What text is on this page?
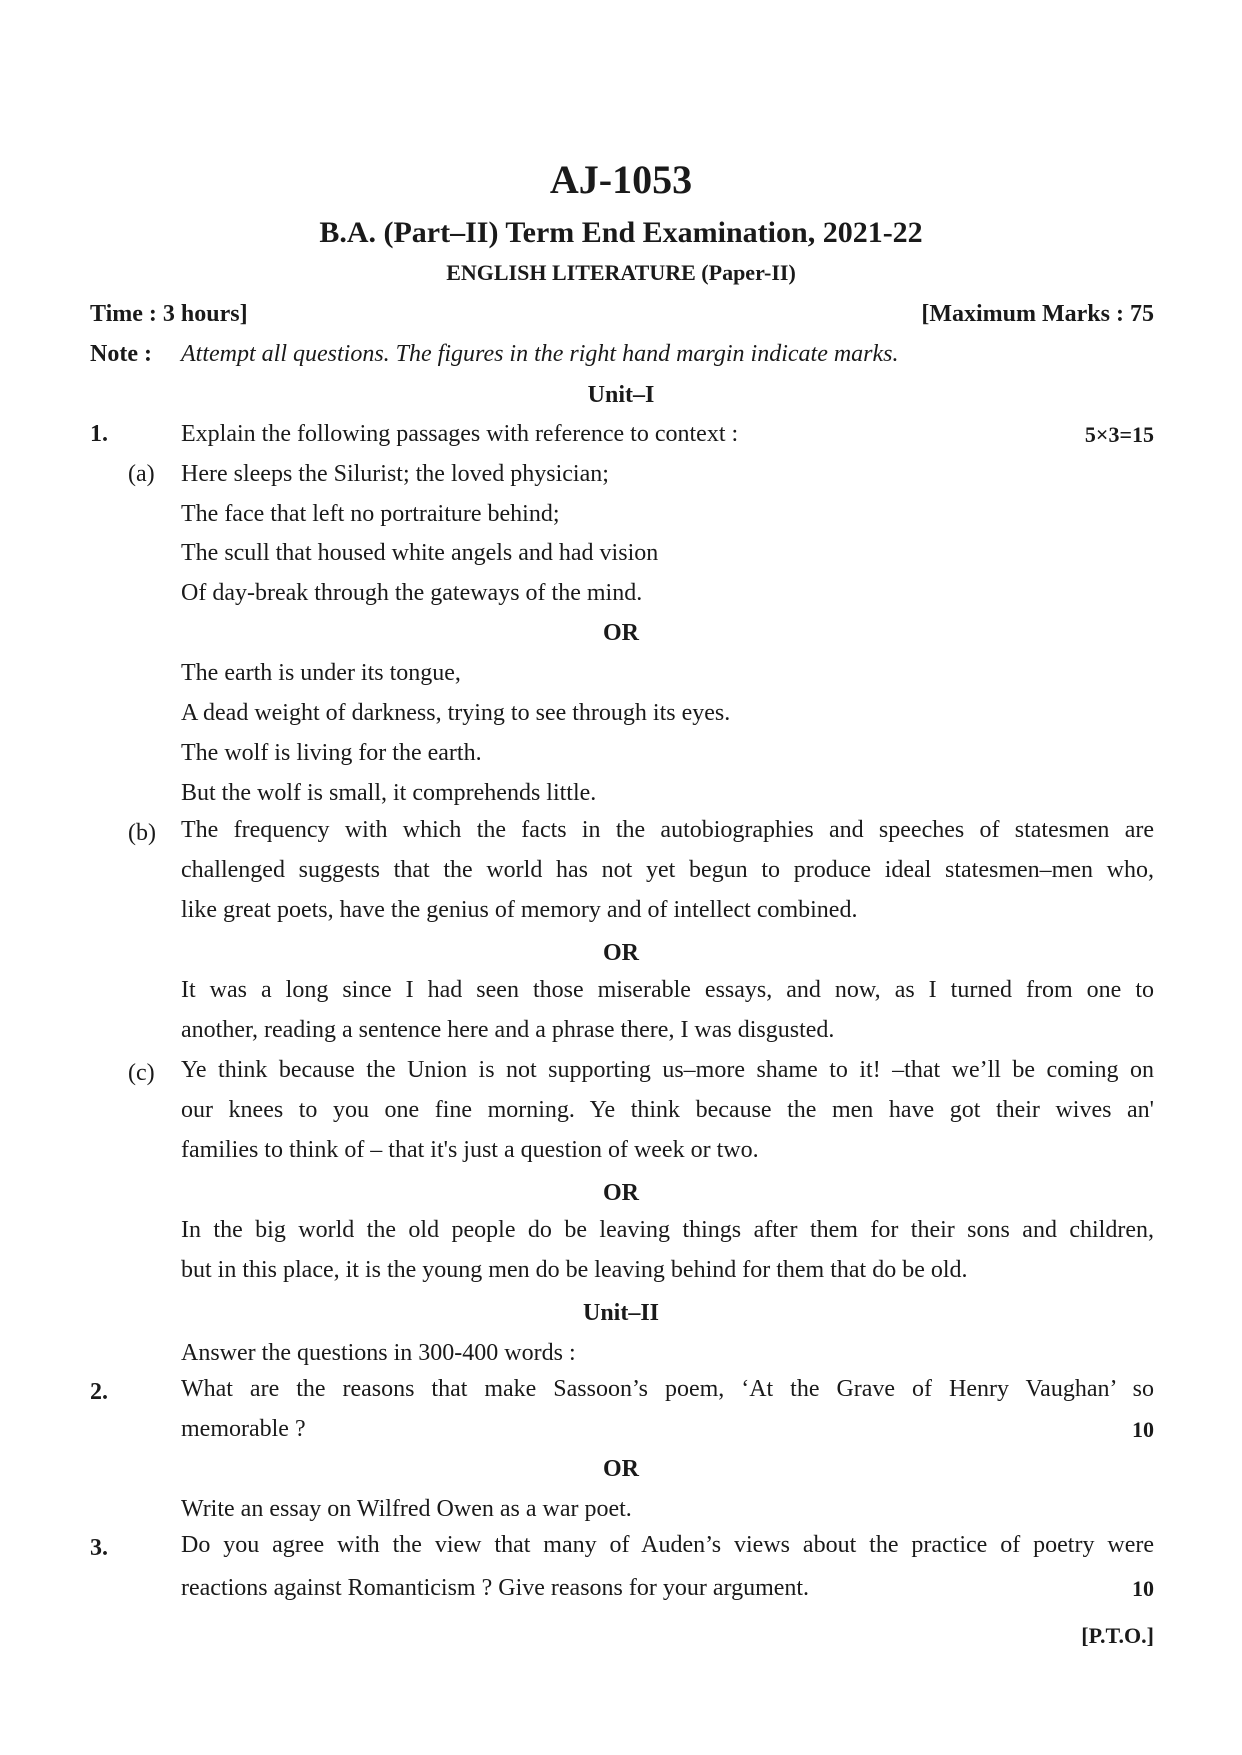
AJ-1053
B.A. (Part–II) Term End Examination, 2021-22
ENGLISH LITERATURE (Paper-II)
Time : 3 hours]	[Maximum Marks : 75
Note : Attempt all questions. The figures in the right hand margin indicate marks.
Unit–I
1.	Explain the following passages with reference to context :	5×3=15
(a) Here sleeps the Silurist; the loved physician;
The face that left no portraiture behind;
The scull that housed white angels and had vision
Of day-break through the gateways of the mind.
OR
The earth is under its tongue,
A dead weight of darkness, trying to see through its eyes.
The wolf is living for the earth.
But the wolf is small, it comprehends little.
(b) The frequency with which the facts in the autobiographies and speeches of statesmen are
challenged suggests that the world has not yet begun to produce ideal statesmen–men who,
like great poets, have the genius of memory and of intellect combined.
OR
It was a long since I had seen those miserable essays, and now, as I turned from one to
another, reading a sentence here and a phrase there, I was disgusted.
(c) Ye think because the Union is not supporting us–more shame to it! –that we’ll be coming on
our knees to you one fine morning. Ye think because the men have got their wives an'
families to think of – that it's just a question of week or two.
OR
In the big world the old people do be leaving things after them for their sons and children,
but in this place, it is the young men do be leaving behind for them that do be old.
Unit–II
Answer the questions in 300-400 words :
2.	What are the reasons that make Sassoon’s poem, ‘At the Grave of Henry Vaughan’ so
memorable ?	10
OR
Write an essay on Wilfred Owen as a war poet.
3.	Do you agree with the view that many of Auden’s views about the practice of poetry were
reactions against Romanticism ? Give reasons for your argument.	10
[P.T.O.]
